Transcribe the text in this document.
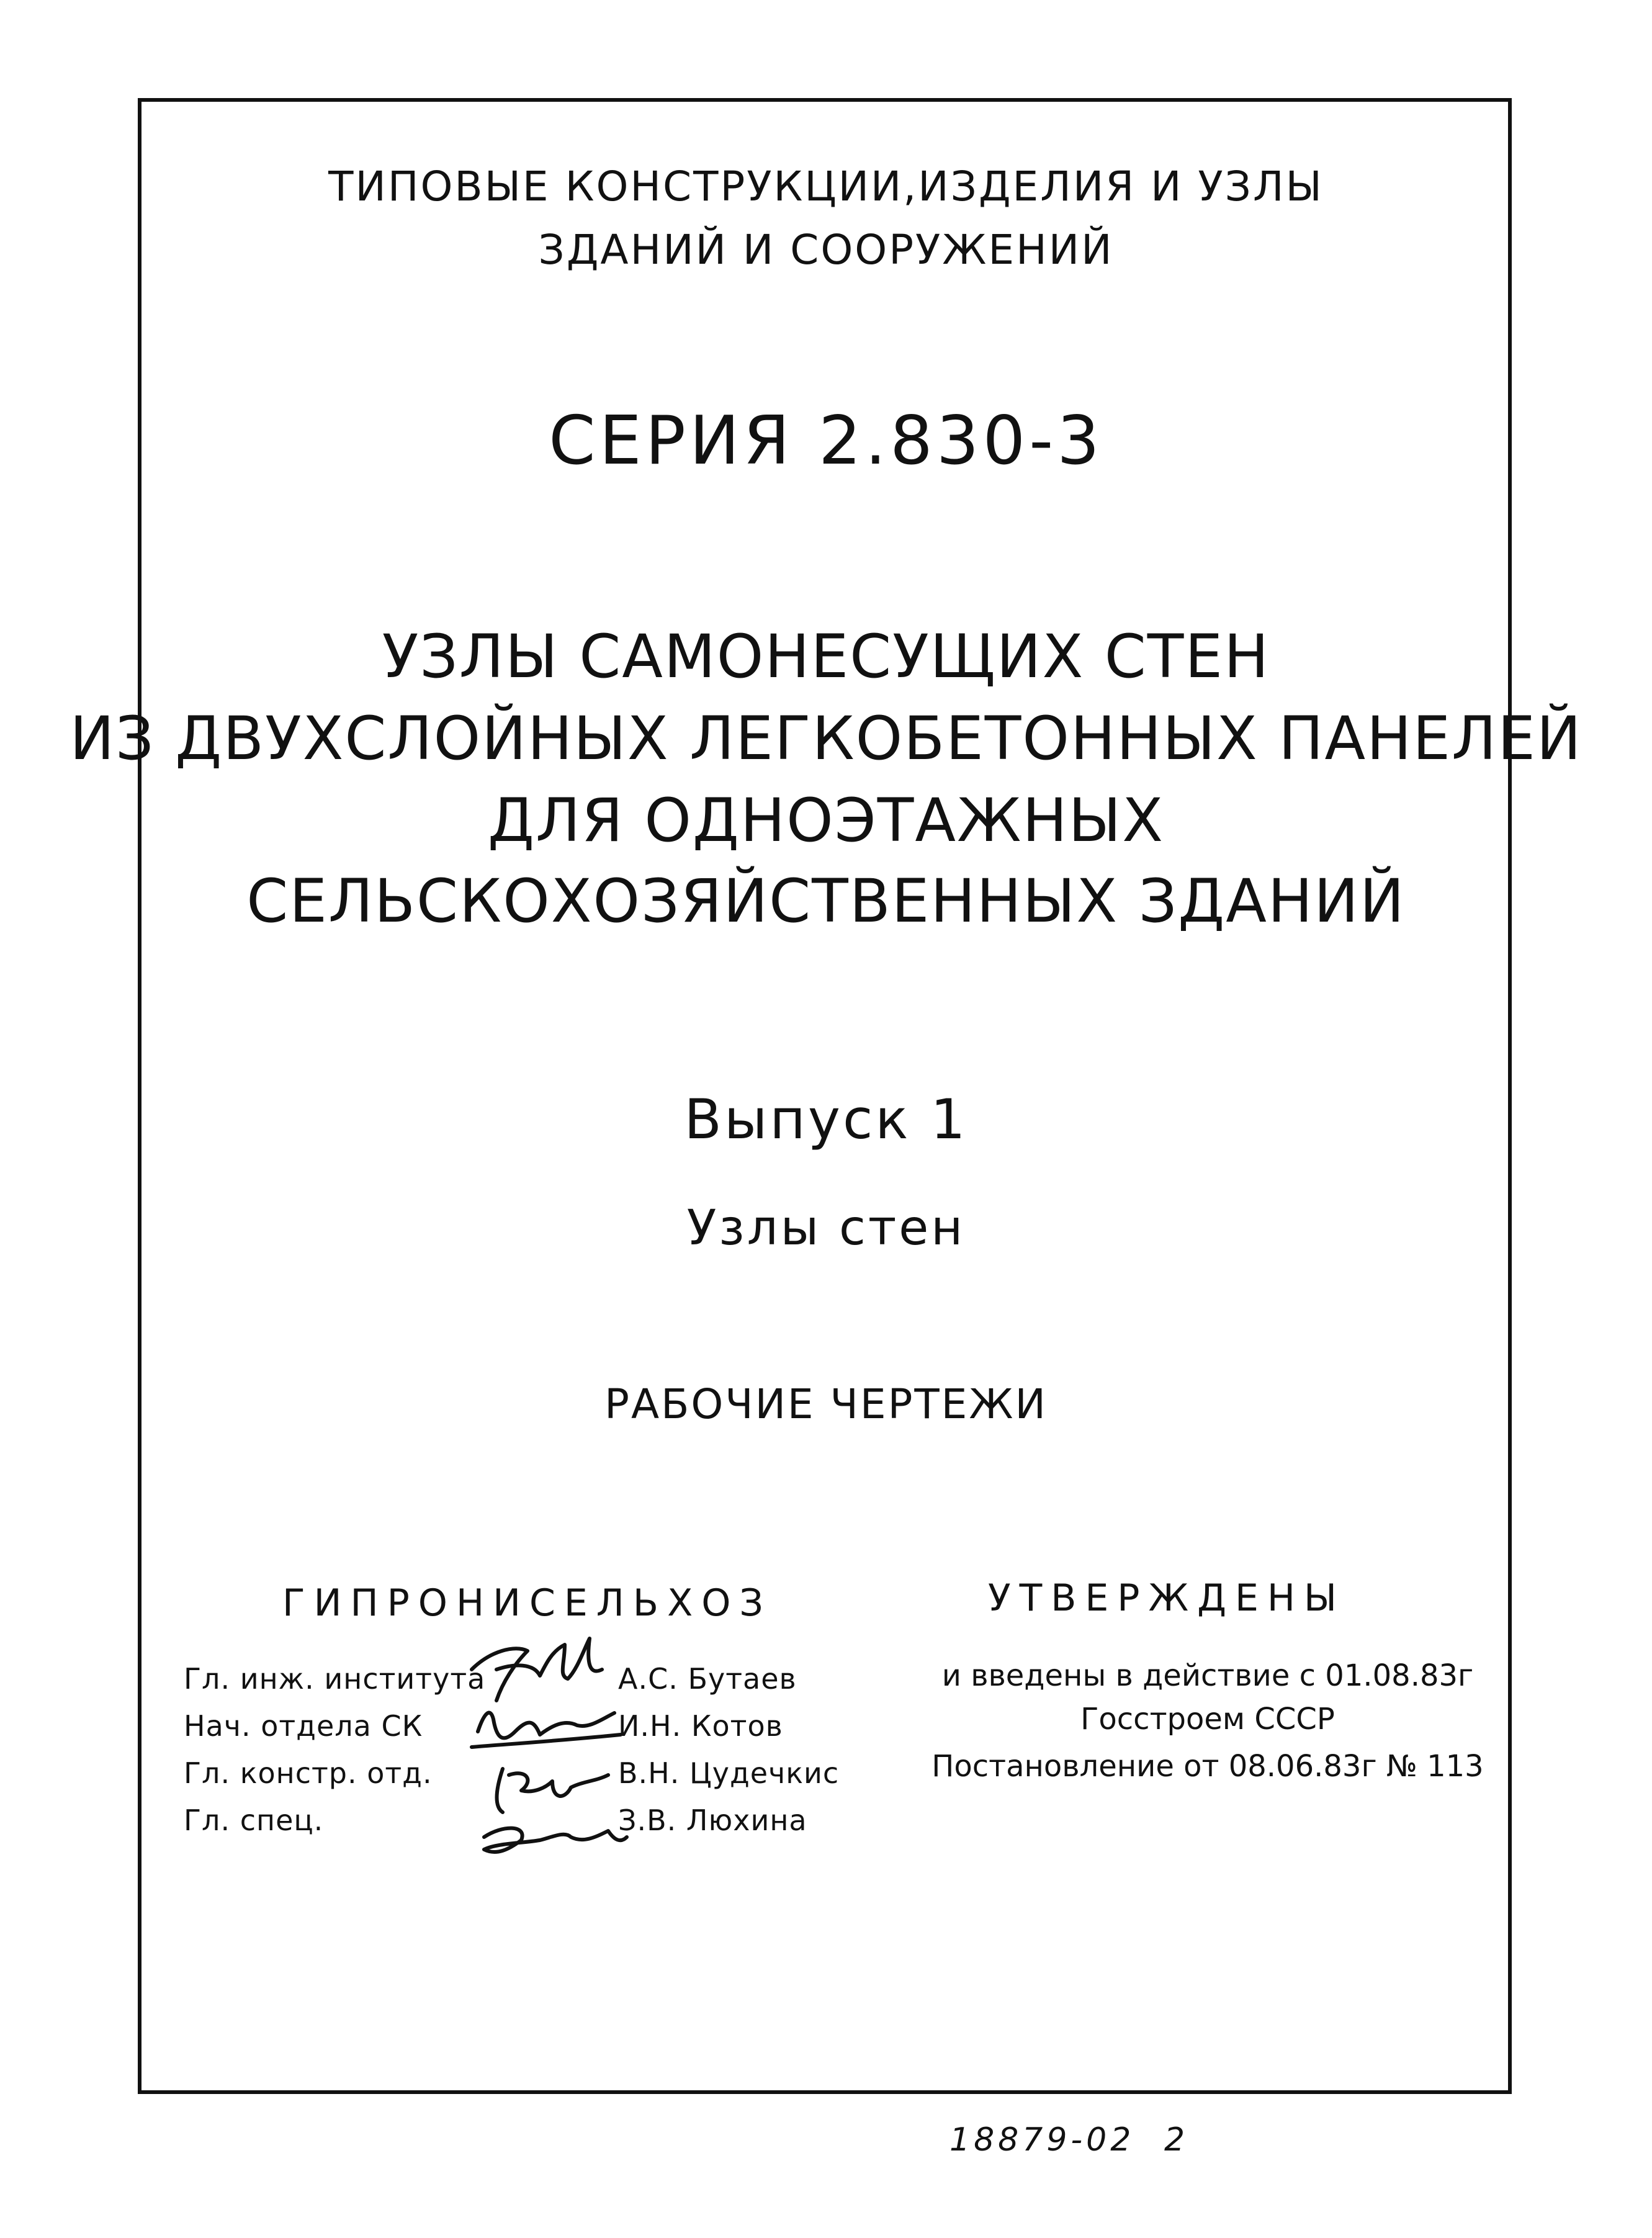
ТИПОВЫЕ КОНСТРУКЦИИ,ИЗДЕЛИЯ И УЗЛЫ
ЗДАНИЙ И СООРУЖЕНИЙ
СЕРИЯ 2.830-3
УЗЛЫ САМОНЕСУЩИХ СТЕН
ИЗ ДВУХСЛОЙНЫХ ЛЕГКОБЕТОННЫХ ПАНЕЛЕЙ
ДЛЯ ОДНОЭТАЖНЫХ
СЕЛЬСКОХОЗЯЙСТВЕННЫХ ЗДАНИЙ
Выпуск 1
Узлы стен
РАБОЧИЕ ЧЕРТЕЖИ
ГИПРОНИСЕЛЬХОЗ	УТВЕРЖДЕНЫ
Гл. инж. института
Нач. отдела СК
Гл. констр. отд.
Гл. спец.
А.С. Бутаев
И.Н. Котов
В.Н. Цудечкис
З.В. Люхина
и введены в действие с 01.08.83г
Госстроем СССР
Постановление от 08.06.83г № 113
18879-02 2
